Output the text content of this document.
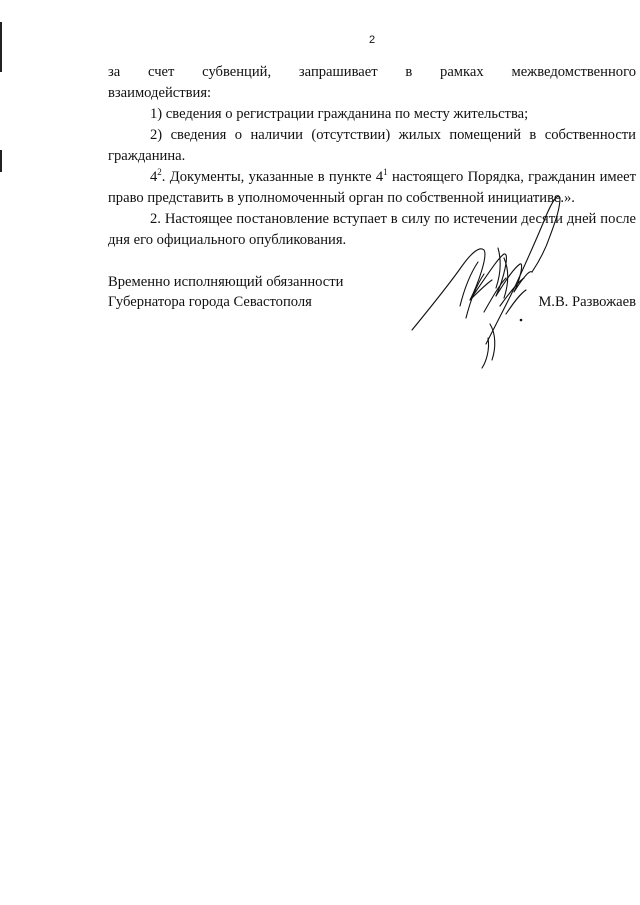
2

за счет субвенций, запрашивает в рамках межведомственного

взаимодействия:

1) сведения о регистрации гражданина по месту жительства;

2) сведения о наличии (отсутствии) жилых помещений в собственности гражданина.

$4^2$. Документы, указанные в пункте $4^1$ настоящего Порядка, гражданин имеет право представить в уполномоченный орган по собственной инициативе.».

2. Настоящее постановление вступает в силу по истечении десяти дней после дня его официального опубликования.

Временно исполняющий обязанности
Губернатора города Севастополя	М.В. Развожаев
